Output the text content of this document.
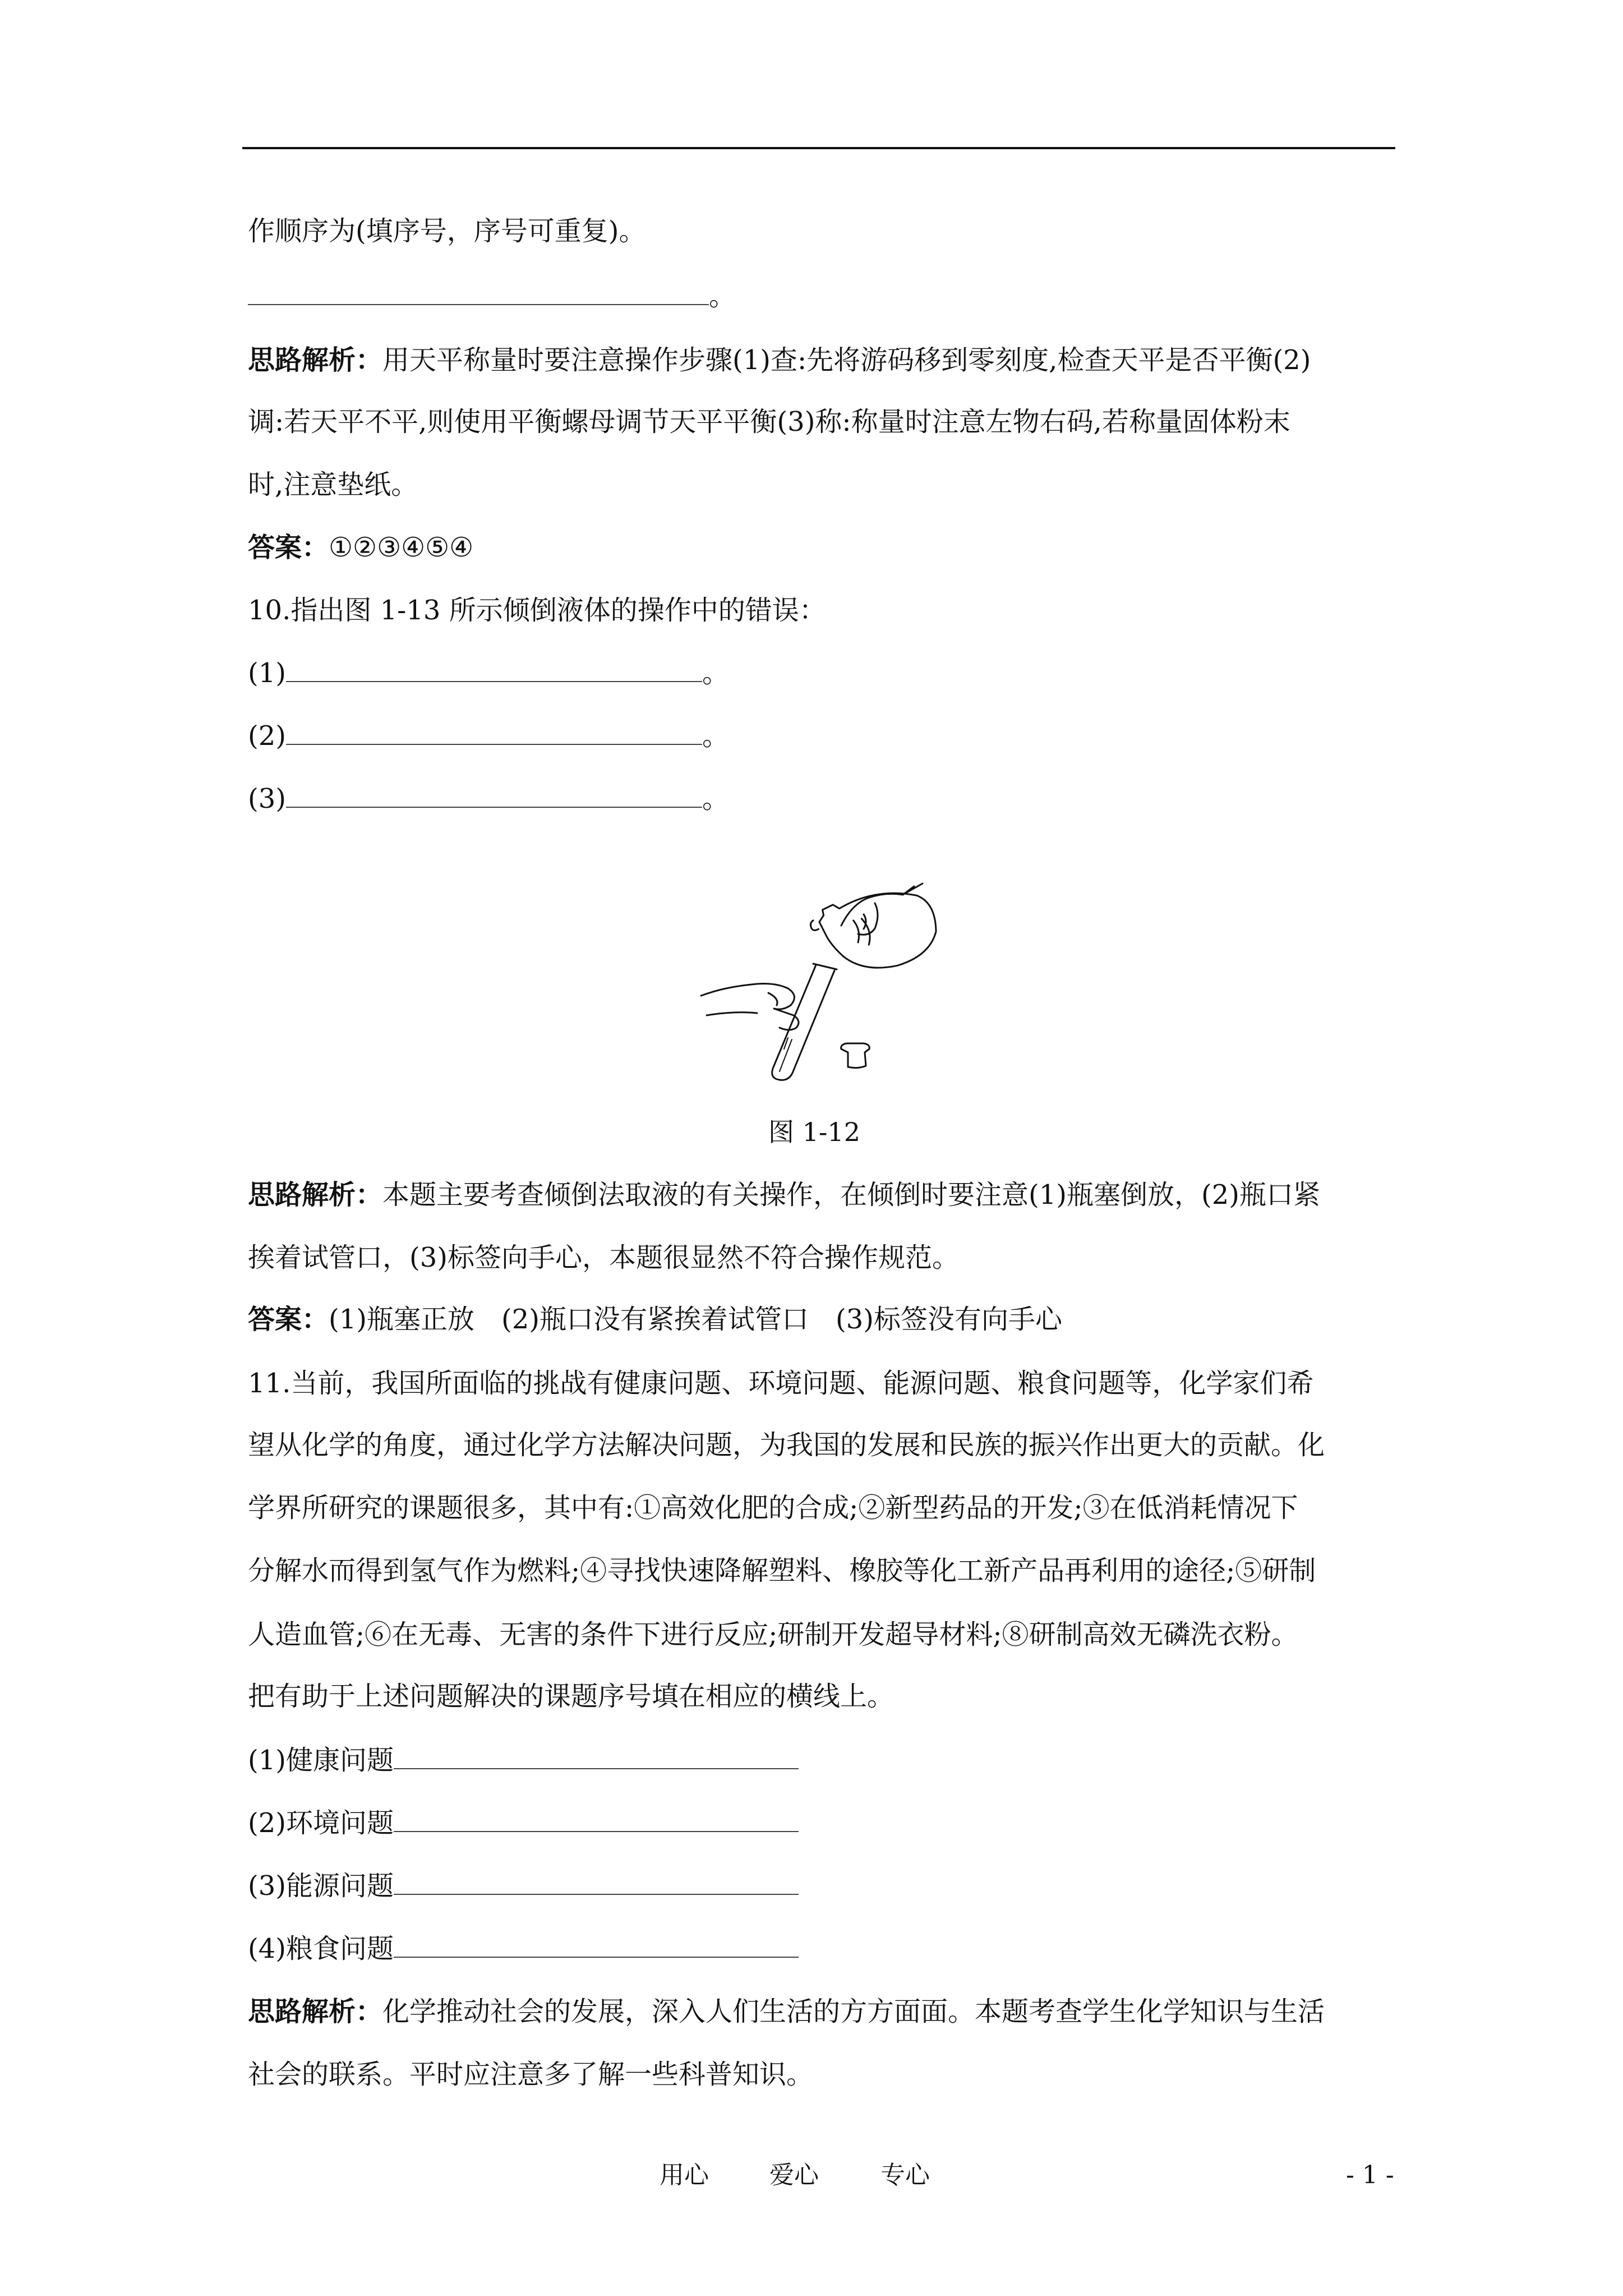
作顺序为(填序号，序号可重复)。
。
思路解析：用天平称量时要注意操作步骤(1)查:先将游码移到零刻度,检查天平是否平衡(2)
调:若天平不平,则使用平衡螺母调节天平平衡(3)称:称量时注意左物右码,若称量固体粉末
时,注意垫纸。
答案：①②③④⑤④
10.指出图 1-13 所示倾倒液体的操作中的错误：
(1)	。
(2)	。
(3)	。
图 1-12
思路解析：本题主要考查倾倒法取液的有关操作，在倾倒时要注意(1)瓶塞倒放，(2)瓶口紧
挨着试管口，(3)标签向手心，本题很显然不符合操作规范。
答案：(1)瓶塞正放　(2)瓶口没有紧挨着试管口　(3)标签没有向手心
11.当前，我国所面临的挑战有健康问题、环境问题、能源问题、粮食问题等，化学家们希
望从化学的角度，通过化学方法解决问题，为我国的发展和民族的振兴作出更大的贡献。化
学界所研究的课题很多，其中有:①高效化肥的合成;②新型药品的开发;③在低消耗情况下
分解水而得到氢气作为燃料;④寻找快速降解塑料、橡胶等化工新产品再利用的途径;⑤研制
人造血管;⑥在无毒、无害的条件下进行反应;研制开发超导材料;⑧研制高效无磷洗衣粉。
把有助于上述问题解决的课题序号填在相应的横线上。
(1)健康问题
(2)环境问题
(3)能源问题
(4)粮食问题
思路解析：化学推动社会的发展，深入人们生活的方方面面。本题考查学生化学知识与生活
社会的联系。平时应注意多了解一些科普知识。
用心 爱心	专心	- 1 -
